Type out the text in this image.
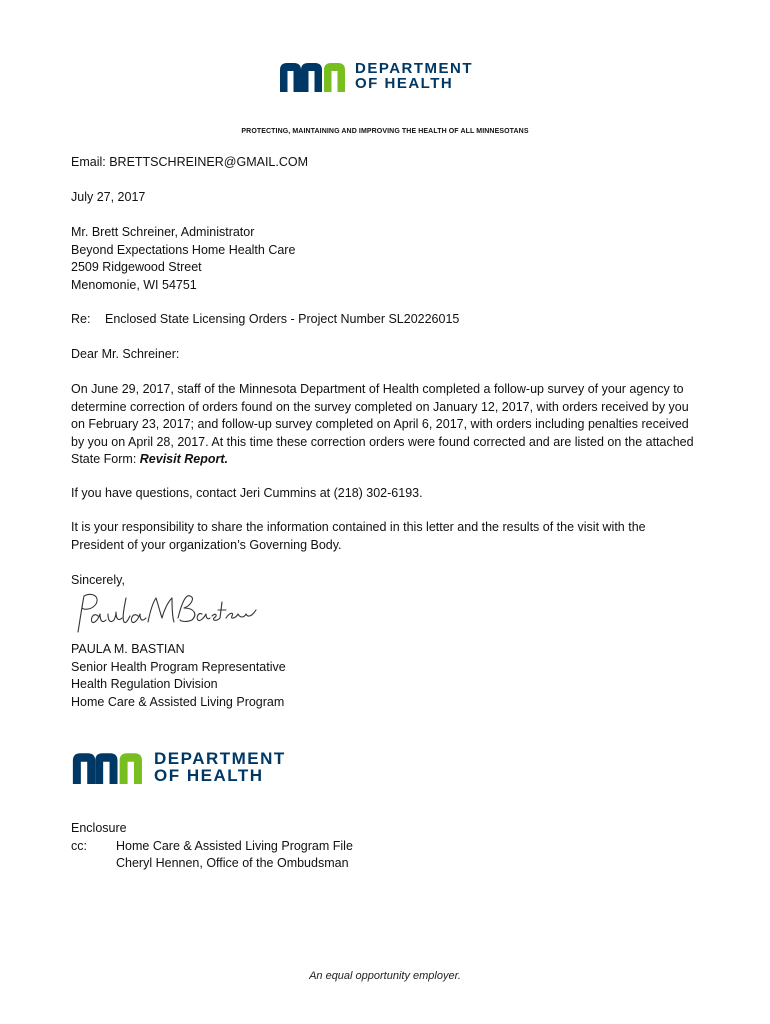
DEPARTMENT
OF HEALTH
PROTECTING, MAINTAINING AND IMPROVING THE HEALTH OF ALL MINNESOTANS
Email: BRETTSCHREINER@GMAIL.COM
July 27, 2017
Mr. Brett Schreiner, Administrator
Beyond Expectations Home Health Care
2509 Ridgewood Street
Menomonie, WI 54751
Re: Enclosed State Licensing Orders - Project Number SL20226015
Dear Mr. Schreiner:
On June 29, 2017, staff of the Minnesota Department of Health completed a follow-up survey of your agency to determine correction of orders found on the survey completed on January 12, 2017, with orders received by you on February 23, 2017; and follow-up survey completed on April 6, 2017, with orders including penalties received by you on April 28, 2017. At this time these correction orders were found corrected and are listed on the attached State Form: Revisit Report.
If you have questions, contact Jeri Cummins at (218) 302-6193.
It is your responsibility to share the information contained in this letter and the results of the visit with the President of your organization’s Governing Body.
Sincerely,
PAULA M. BASTIAN
Senior Health Program Representative
Health Regulation Division
Home Care & Assisted Living Program
DEPARTMENT
OF HEALTH
Enclosure
cc:	Home Care & Assisted Living Program File
Cheryl Hennen, Office of the Ombudsman
An equal opportunity employer.
